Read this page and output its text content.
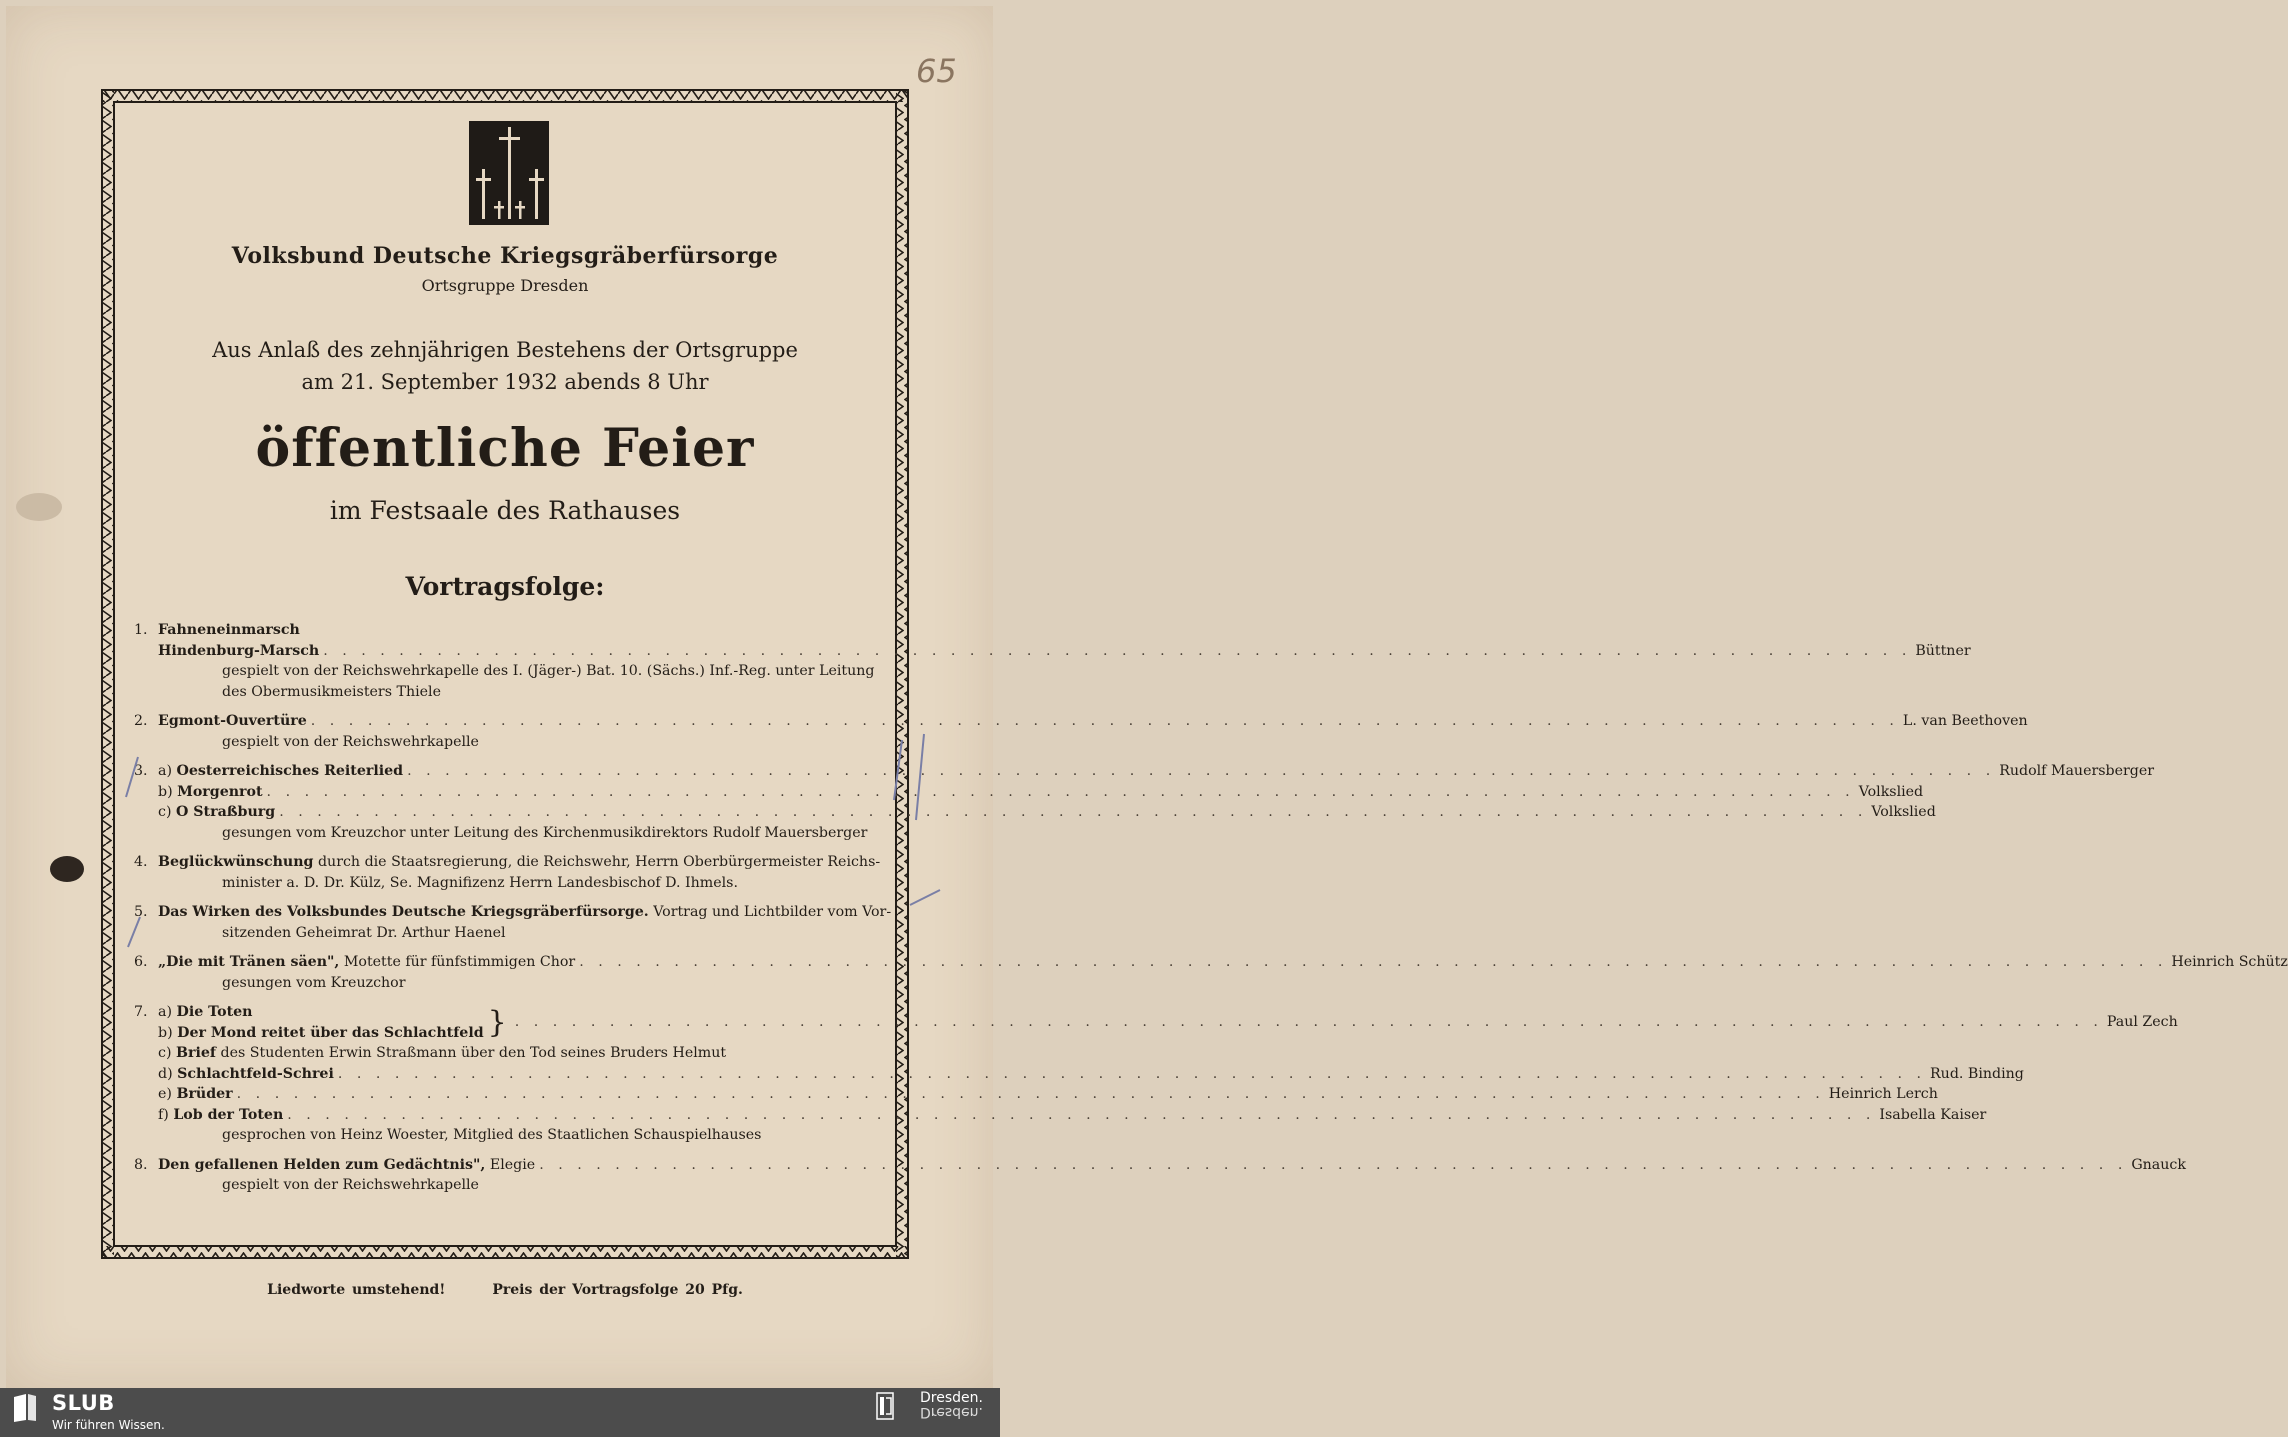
65
Volksbund Deutsche Kriegsgräberfürsorge
Ortsgruppe Dresden
Aus Anlaß des zehnjährigen Bestehens der Ortsgruppe
am 21. September 1932 abends 8 Uhr
öffentliche Feier
im Festsaale des Rathauses
Vortragsfolge:
1. Fahneneinmarsch
Hindenburg-Marsch . . .	Büttner
gespielt von der Reichswehrkapelle des I. (Jäger-) Bat. 10. (Sächs.) Inf.-Reg. unter Leitung
des Obermusikmeisters Thiele
2. Egmont-Ouvertüre . . .	L. van Beethoven
gespielt von der Reichswehrkapelle
3. a)
Oesterreichisches Reiterlied . . .	Rudolf Mauersberger
b)
Morgenrot . . .	Volkslied
c)
O Straßburg . . .	Volkslied
gesungen vom Kreuzchor unter Leitung des Kirchenmusikdirektors Rudolf Mauersberger
4. Beglückwünschung durch die Staatsregierung, die Reichswehr, Herrn Oberbürgermeister Reichs-
minister a. D. Dr. Külz, Se. Magnifizenz Herrn Landesbischof D. Ihmels.
5. Das Wirken des Volksbundes Deutsche Kriegsgräberfürsorge. Vortrag und Lichtbilder vom Vor-
sitzenden Geheimrat Dr. Arthur Haenel
6. „Die mit Tränen säen",
Motette für fünfstimmigen Chor . . .	Heinrich Schütz
gesungen vom Kreuzchor
7. a) Die Toten
b) Der Mond reitet über das Schlachtfeld } . . .	Paul Zech
c) Brief des Studenten Erwin Straßmann über den Tod seines Bruders Helmut
d)
Schlachtfeld-Schrei . . .	Rud. Binding
e)
Brüder . . .	Heinrich Lerch
f)
Lob der Toten . . .	Isabella Kaiser
gesprochen von Heinz Woester, Mitglied des Staatlichen Schauspielhauses
8. Den gefallenen Helden zum Gedächtnis",
Elegie . . .	Gnauck
gespielt von der Reichswehrkapelle
Liedworte umstehend!	Preis der Vortragsfolge 20 Pfg.
SLUB
Wir führen Wissen.
Dresden.
Dresden.
